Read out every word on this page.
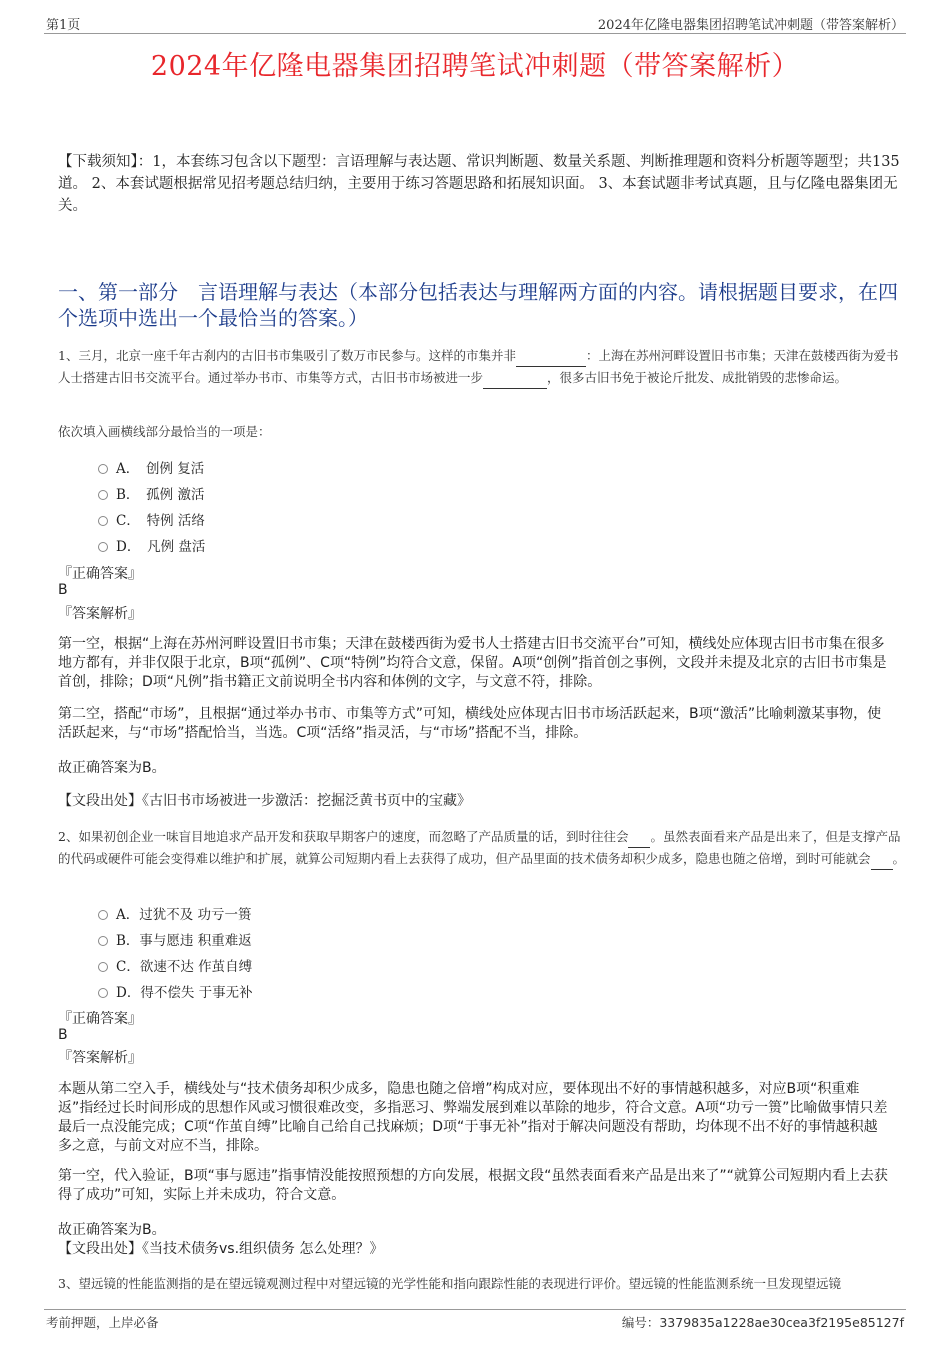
第1页	2024年亿隆电器集团招聘笔试冲刺题（带答案解析）
2024年亿隆电器集团招聘笔试冲刺题（带答案解析）
【下载须知】：1，本套练习包含以下题型：言语理解与表达题、常识判断题、数量关系题、判断推理题和资料分析题等题型；共135道。 2、本套试题根据常见招考题总结归纳，主要用于练习答题思路和拓展知识面。 3、本套试题非考试真题，且与亿隆电器集团无关。
一、第一部分　言语理解与表达（本部分包括表达与理解两方面的内容。请根据题目要求，在四个选项中选出一个最恰当的答案。）
1、三月，北京一座千年古刹内的古旧书市集吸引了数万市民参与。这样的市集并非	：上海在苏州河畔设置旧书市集；天津在鼓楼西街为爱书人士搭建古旧书交流平台。通过举办书市、市集等方式，古旧书市场被进一步	，很多古旧书免于被论斤批发、成批销毁的悲惨命运。
依次填入画横线部分最恰当的一项是：
A．　创例 复活
B．　孤例 激活
C．　特例 活络
D．　凡例 盘活
『正确答案』
B
『答案解析』
第一空，根据“上海在苏州河畔设置旧书市集；天津在鼓楼西街为爱书人士搭建古旧书交流平台”可知，横线处应体现古旧书市集在很多地方都有，并非仅限于北京，B项“孤例”、C项“特例”均符合文意，保留。A项“创例”指首创之事例，文段并未提及北京的古旧书市集是首创，排除；D项“凡例”指书籍正文前说明全书内容和体例的文字，与文意不符，排除。
第二空，搭配“市场”，且根据“通过举办书市、市集等方式”可知，横线处应体现古旧书市场活跃起来，B项“激活”比喻刺激某事物，使活跃起来，与“市场”搭配恰当，当选。C项“活络”指灵活，与“市场”搭配不当，排除。
故正确答案为B。
【文段出处】《古旧书市场被进一步激活：挖掘泛黄书页中的宝藏》
2、如果初创企业一味盲目地追求产品开发和获取早期客户的速度，而忽略了产品质量的话，到时往往会 。虽然表面看来产品是出来了，但是支撑产品的代码或硬件可能会变得难以维护和扩展，就算公司短期内看上去获得了成功，但产品里面的技术债务却积少成多，隐患也随之倍增，到时可能就会 。
A．过犹不及 功亏一篑
B．事与愿违 积重难返
C．欲速不达 作茧自缚
D．得不偿失 于事无补
『正确答案』
B
『答案解析』
本题从第二空入手，横线处与“技术债务却积少成多，隐患也随之倍增”构成对应，要体现出不好的事情越积越多，对应B项“积重难返”指经过长时间形成的思想作风或习惯很难改变，多指恶习、弊端发展到难以革除的地步，符合文意。A项“功亏一篑”比喻做事情只差最后一点没能完成；C项“作茧自缚”比喻自己给自己找麻烦；D项“于事无补”指对于解决问题没有帮助，均体现不出不好的事情越积越多之意，与前文对应不当，排除。
第一空，代入验证，B项“事与愿违”指事情没能按照预想的方向发展，根据文段“虽然表面看来产品是出来了”“就算公司短期内看上去获得了成功”可知，实际上并未成功，符合文意。
故正确答案为B。
【文段出处】《当技术债务vs.组织债务 怎么处理？》
3、望远镜的性能监测指的是在望远镜观测过程中对望远镜的光学性能和指向跟踪性能的表现进行评价。望远镜的性能监测系统一旦发现望远镜
考前押题，上岸必备	编号：3379835a1228ae30cea3f2195e85127f
